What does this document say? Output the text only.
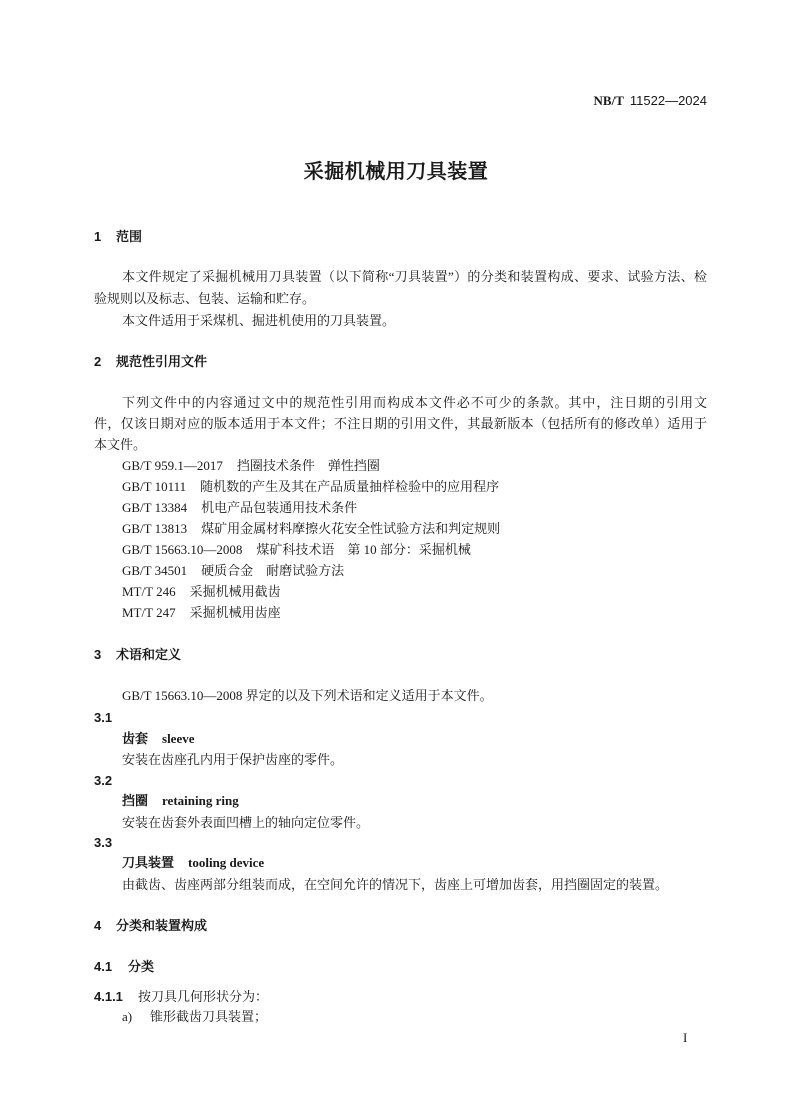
NB/T 11522—2024
采掘机械用刀具装置
1 范围
本文件规定了采掘机械用刀具装置（以下简称“刀具装置”）的分类和装置构成、要求、试验方法、检
验规则以及标志、包装、运输和贮存。
本文件适用于采煤机、掘进机使用的刀具装置。
2 规范性引用文件
下列文件中的内容通过文中的规范性引用而构成本文件必不可少的条款。其中，注日期的引用文
件，仅该日期对应的版本适用于本文件；不注日期的引用文件，其最新版本（包括所有的修改单）适用于
本文件。
GB/T 959.1—2017 挡圈技术条件　弹性挡圈
GB/T 10111 随机数的产生及其在产品质量抽样检验中的应用程序
GB/T 13384 机电产品包装通用技术条件
GB/T 13813 煤矿用金属材料摩擦火花安全性试验方法和判定规则
GB/T 15663.10—2008 煤矿科技术语　第 10 部分：采掘机械
GB/T 34501 硬质合金　耐磨试验方法
MT/T 246 采掘机械用截齿
MT/T 247 采掘机械用齿座
3 术语和定义
GB/T 15663.10—2008 界定的以及下列术语和定义适用于本文件。
3.1
齿套 sleeve
安装在齿座孔内用于保护齿座的零件。
3.2
挡圈 retaining ring
安装在齿套外表面凹槽上的轴向定位零件。
3.3
刀具装置 tooling device
由截齿、齿座两部分组装而成，在空间允许的情况下，齿座上可增加齿套，用挡圈固定的装置。
4 分类和装置构成
4.1 分类
4.1.1 按刀具几何形状分为：
a) 锥形截齿刀具装置；
I
